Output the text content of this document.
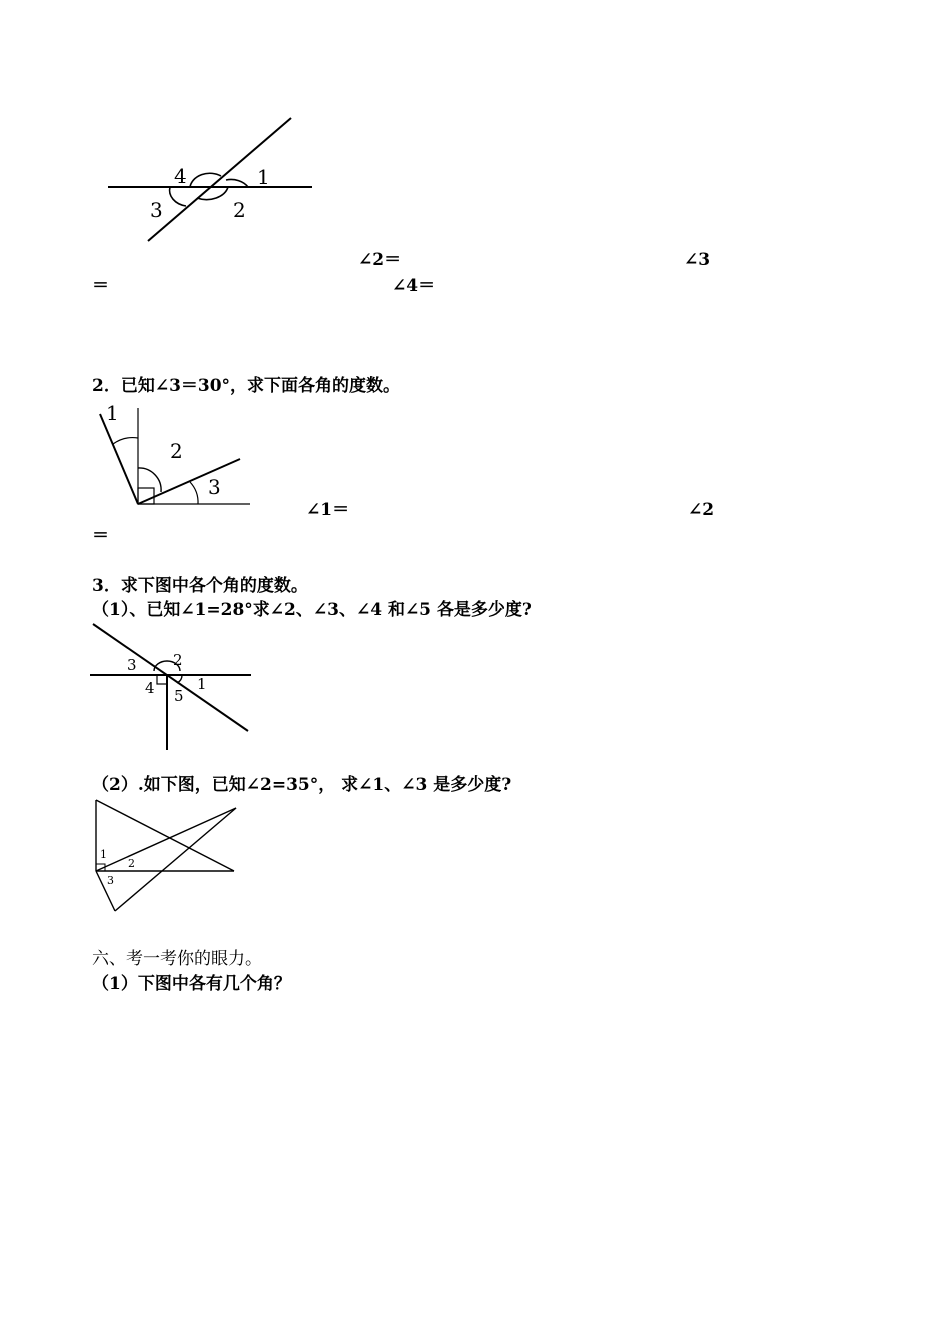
4	1
3	2
∠2＝	∠3
＝	∠4＝
2．已知∠3＝30°，求下面各角的度数。
1
2
3
∠1＝	∠2
＝
3．求下图中各个角的度数。
（1）、已知∠1=28°求∠2、∠3、∠4 和∠5 各是多少度?
3 2
4	1
5
（2）.如下图，已知∠2=35°， 求∠1、∠3 是多少度?
1
2
3
六、考一考你的眼力。
（1）下图中各有几个角？
